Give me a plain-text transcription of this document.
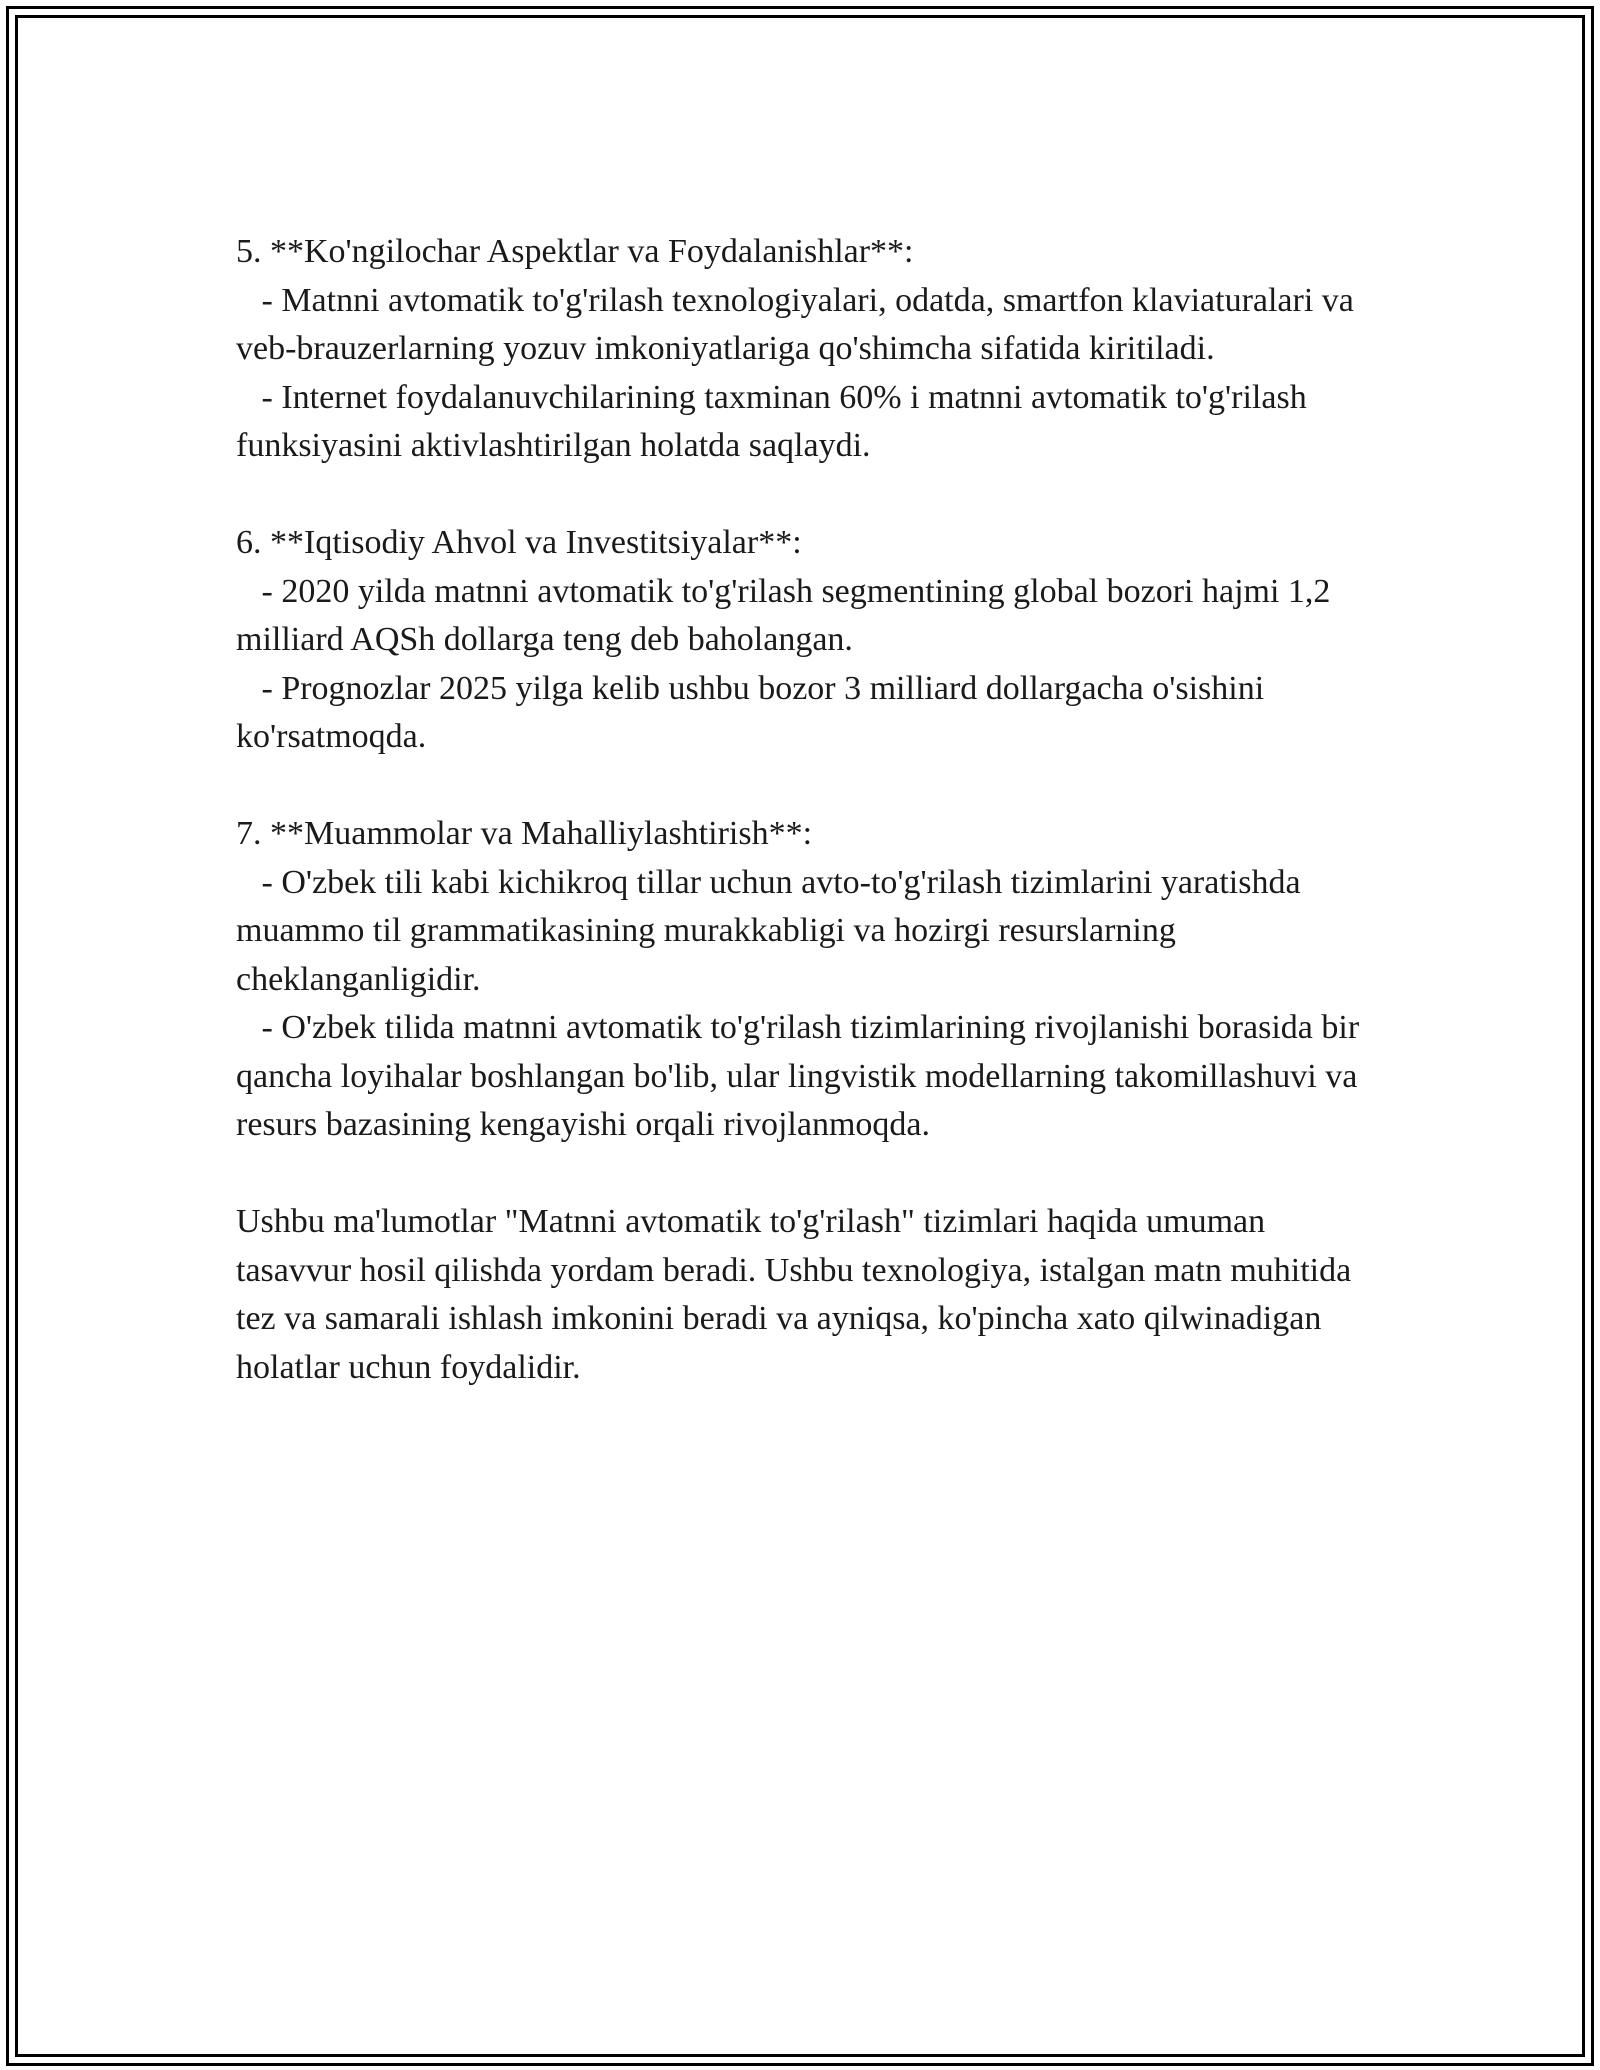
5. **Ko'ngilochar Aspektlar va Foydalanishlar**:

- Matnni avtomatik to'g'rilash texnologiyalari, odatda, smartfon klaviaturalari va veb-brauzerlarning yozuv imkoniyatlariga qo'shimcha sifatida kiritiladi.

- Internet foydalanuvchilarining taxminan 60% i matnni avtomatik to'g'rilash funksiyasini aktivlashtirilgan holatda saqlaydi.

6. **Iqtisodiy Ahvol va Investitsiyalar**:

- 2020 yilda matnni avtomatik to'g'rilash segmentining global bozori hajmi 1,2 milliard AQSh dollarga teng deb baholangan.

- Prognozlar 2025 yilga kelib ushbu bozor 3 milliard dollargacha o'sishini ko'rsatmoqda.

7. **Muammolar va Mahalliylashtirish**:

- O'zbek tili kabi kichikroq tillar uchun avto-to'g'rilash tizimlarini yaratishda muammo til grammatikasining murakkabligi va hozirgi resurslarning cheklanganligidir.

- O'zbek tilida matnni avtomatik to'g'rilash tizimlarining rivojlanishi borasida bir qancha loyihalar boshlangan bo'lib, ular lingvistik modellarning takomillashuvi va resurs bazasining kengayishi orqali rivojlanmoqda.

Ushbu ma'lumotlar "Matnni avtomatik to'g'rilash" tizimlari haqida umuman tasavvur hosil qilishda yordam beradi. Ushbu texnologiya, istalgan matn muhitida tez va samarali ishlash imkonini beradi va ayniqsa, ko'pincha xato qilwinadigan holatlar uchun foydalidir.
